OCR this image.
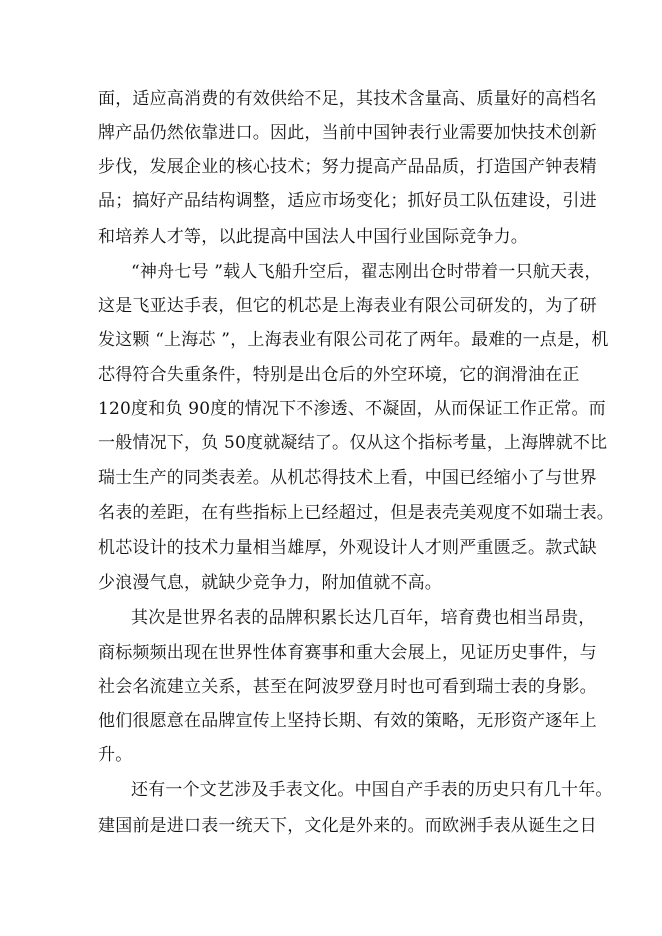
面，适应高消费的有效供给不足，其技术含量高、质量好的高档名
牌产品仍然依靠进口。因此，当前中国钟表行业需要加快技术创新
步伐，发展企业的核心技术；努力提高产品品质，打造国产钟表精
品；搞好产品结构调整，适应市场变化；抓好员工队伍建设，引进
和培养人才等，以此提高中国法人中国行业国际竞争力。
“神舟七号 ”载人飞船升空后，翟志刚出仓时带着一只航天表，
这是飞亚达手表，但它的机芯是上海表业有限公司研发的，为了研
发这颗 “上海芯 ”，上海表业有限公司花了两年。最难的一点是，机
芯得符合失重条件，特别是出仓后的外空环境，它的润滑油在正
120度和负 90度的情况下不渗透、不凝固，从而保证工作正常。而
一般情况下，负 50度就凝结了。仅从这个指标考量，上海牌就不比
瑞士生产的同类表差。从机芯得技术上看，中国已经缩小了与世界
名表的差距，在有些指标上已经超过，但是表壳美观度不如瑞士表。
机芯设计的技术力量相当雄厚，外观设计人才则严重匮乏。款式缺
少浪漫气息，就缺少竞争力，附加值就不高。
其次是世界名表的品牌积累长达几百年，培育费也相当昂贵，
商标频频出现在世界性体育赛事和重大会展上，见证历史事件，与
社会名流建立关系，甚至在阿波罗登月时也可看到瑞士表的身影。
他们很愿意在品牌宣传上坚持长期、有效的策略，无形资产逐年上
升。
还有一个文艺涉及手表文化。中国自产手表的历史只有几十年。
建国前是进口表一统天下，文化是外来的。而欧洲手表从诞生之日
